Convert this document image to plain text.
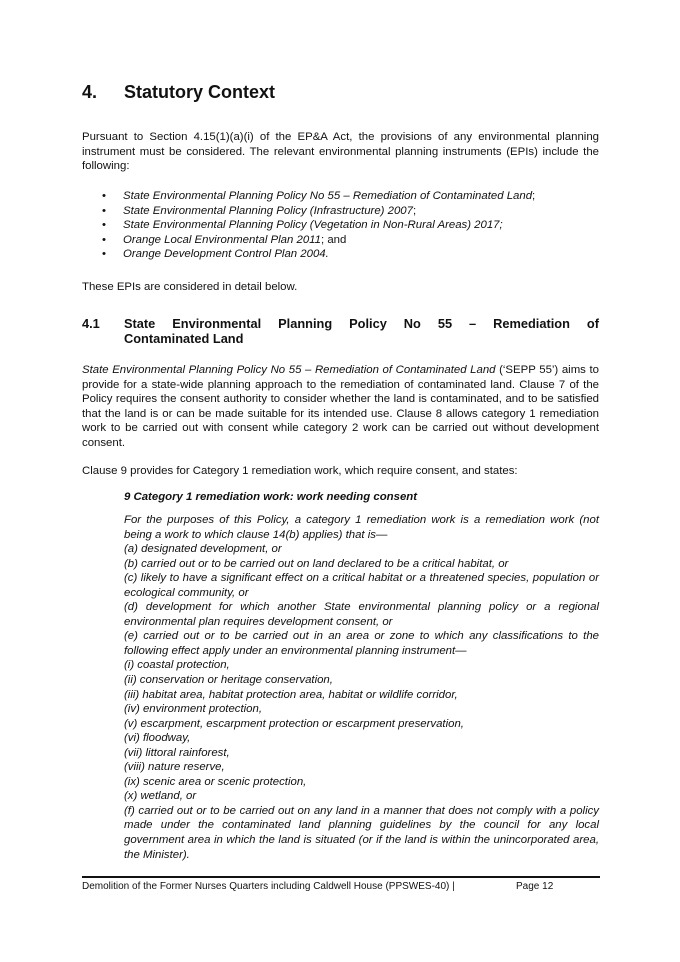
4. Statutory Context
Pursuant to Section 4.15(1)(a)(i) of the EP&A Act, the provisions of any environmental planning instrument must be considered. The relevant environmental planning instruments (EPIs) include the following:
• State Environmental Planning Policy No 55 – Remediation of Contaminated Land;
• State Environmental Planning Policy (Infrastructure) 2007;
• State Environmental Planning Policy (Vegetation in Non-Rural Areas) 2017;
• Orange Local Environmental Plan 2011; and
• Orange Development Control Plan 2004.
These EPIs are considered in detail below.
4.1 State Environmental Planning Policy No 55 – Remediation of
Contaminated Land
State Environmental Planning Policy No 55 – Remediation of Contaminated Land (‘SEPP 55’) aims to provide for a state-wide planning approach to the remediation of contaminated land. Clause 7 of the Policy requires the consent authority to consider whether the land is contaminated, and to be satisfied that the land is or can be made suitable for its intended use. Clause 8 allows category 1 remediation work to be carried out with consent while category 2 work can be carried out without development consent.
Clause 9 provides for Category 1 remediation work, which require consent, and states:
9 Category 1 remediation work: work needing consent
For the purposes of this Policy, a category 1 remediation work is a remediation work (not being a work to which clause 14(b) applies) that is—
(a) designated development, or
(b) carried out or to be carried out on land declared to be a critical habitat, or
(c) likely to have a significant effect on a critical habitat or a threatened species, population or ecological community, or
(d) development for which another State environmental planning policy or a regional environmental plan requires development consent, or
(e) carried out or to be carried out in an area or zone to which any classifications to the following effect apply under an environmental planning instrument—
(i) coastal protection,
(ii) conservation or heritage conservation,
(iii) habitat area, habitat protection area, habitat or wildlife corridor,
(iv) environment protection,
(v) escarpment, escarpment protection or escarpment preservation,
(vi) floodway,
(vii) littoral rainforest,
(viii) nature reserve,
(ix) scenic area or scenic protection,
(x) wetland, or
(f) carried out or to be carried out on any land in a manner that does not comply with a policy made under the contaminated land planning guidelines by the council for any local government area in which the land is situated (or if the land is within the unincorporated area, the Minister).
Demolition of the Former Nurses Quarters including Caldwell House (PPSWES-40) |	Page 12
